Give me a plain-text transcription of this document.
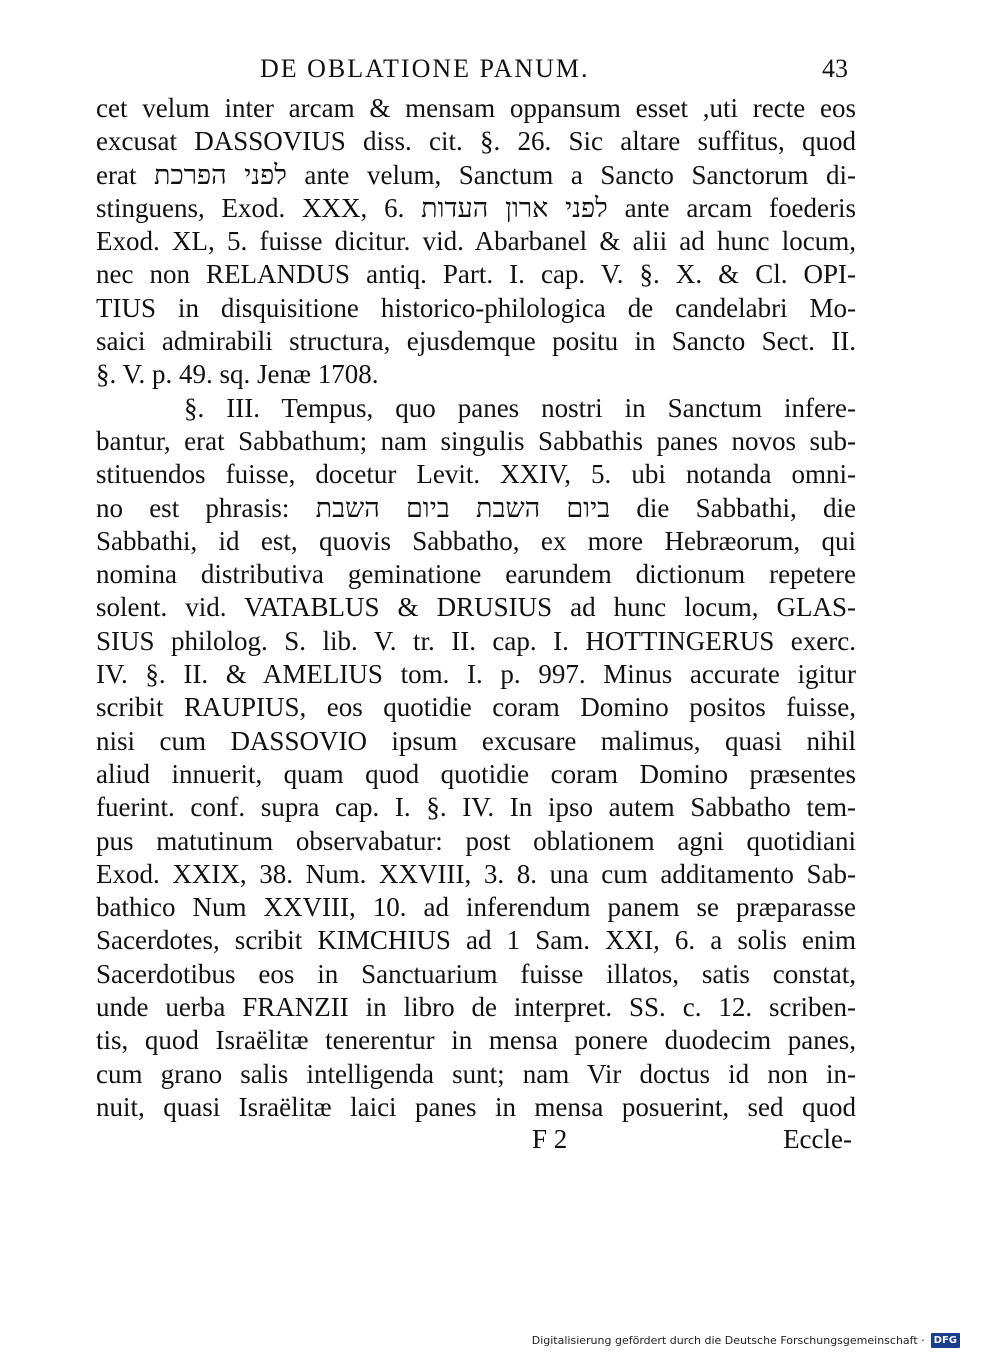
DE OBLATIONE PANUM.	43
cet velum inter arcam & mensam oppansum esset ,uti recte eos
excusat DASSOVIUS diss. cit. §. 26. Sic altare suffitus, quod
erat לפני הפרכת ante velum, Sanctum a Sancto Sanctorum di-
stinguens, Exod. XXX, 6. לפני ארון העדות ante arcam foederis
Exod. XL, 5. fuisse dicitur. vid. Abarbanel & alii ad hunc locum,
nec non RELANDUS antiq. Part. I. cap. V. §. X. & Cl. OPI-
TIUS in disquisitione historico-philologica de candelabri Mo-
saici admirabili structura, ejusdemque positu in Sancto Sect. II.
§. V. p. 49. sq. Jenæ 1708.
§. III. Tempus, quo panes nostri in Sanctum infere-
bantur, erat Sabbathum; nam singulis Sabbathis panes novos sub-
stituendos fuisse, docetur Levit. XXIV, 5. ubi notanda omni-
no est phrasis: ביום השבת ביום השבת die Sabbathi, die
Sabbathi, id est, quovis Sabbatho, ex more Hebræorum, qui
nomina distributiva geminatione earundem dictionum repetere
solent. vid. VATABLUS & DRUSIUS ad hunc locum, GLAS-
SIUS philolog. S. lib. V. tr. II. cap. I. HOTTINGERUS exerc.
IV. §. II. & AMELIUS tom. I. p. 997. Minus accurate igitur
scribit RAUPIUS, eos quotidie coram Domino positos fuisse,
nisi cum DASSOVIO ipsum excusare malimus, quasi nihil
aliud innuerit, quam quod quotidie coram Domino præsentes
fuerint. conf. supra cap. I. §. IV. In ipso autem Sabbatho tem-
pus matutinum observabatur: post oblationem agni quotidiani
Exod. XXIX, 38. Num. XXVIII, 3. 8. una cum additamento Sab-
bathico Num XXVIII, 10. ad inferendum panem se præparasse
Sacerdotes, scribit KIMCHIUS ad 1 Sam. XXI, 6. a solis enim
Sacerdotibus eos in Sanctuarium fuisse illatos, satis constat,
unde uerba FRANZII in libro de interpret. SS. c. 12. scriben-
tis, quod Israëlitæ tenerentur in mensa ponere duodecim panes,
cum grano salis intelligenda sunt; nam Vir doctus id non in-
nuit, quasi Israëlitæ laici panes in mensa posuerint, sed quod
F 2	Eccle-
Digitalisierung gefördert durch die Deutsche Forschungsgemeinschaft · DFG
